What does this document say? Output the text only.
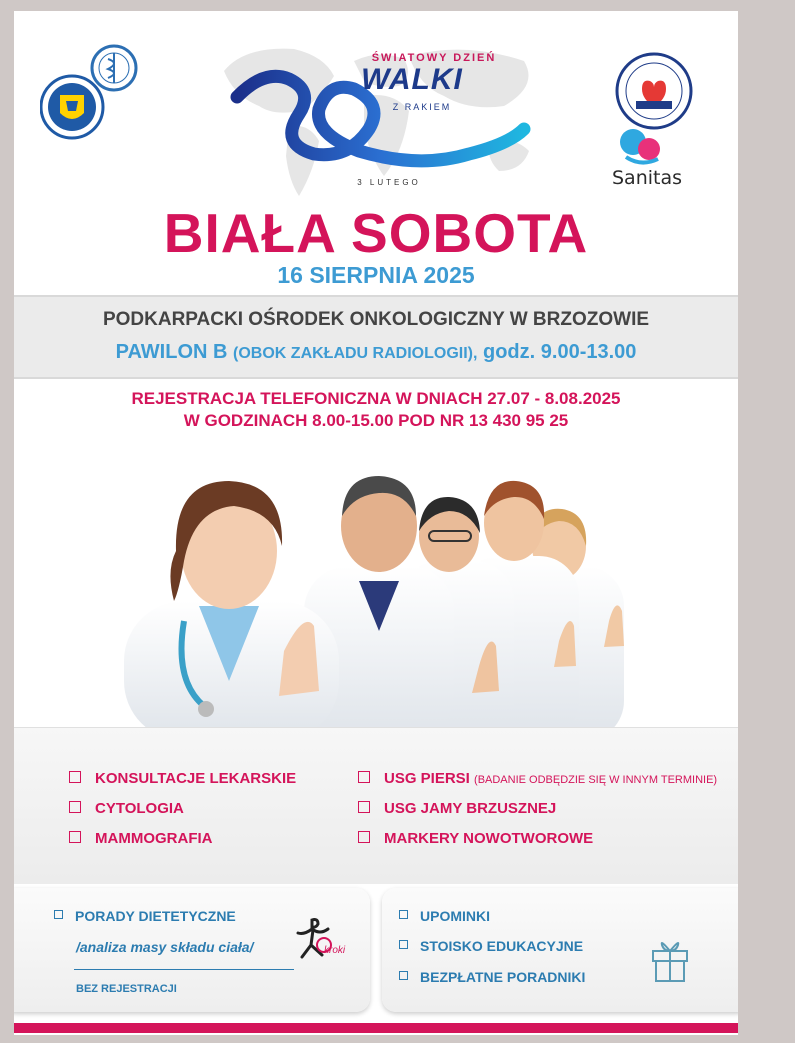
ŚWIATOWY DZIEŃ
WALKI
Z RAKIEM
3 LUTEGO	Sanitas
BIAŁA SOBOTA
16 SIERPNIA 2025
PODKARPACKI OŚRODEK ONKOLOGICZNY W BRZOZOWIE
PAWILON B (OBOK ZAKŁADU RADIOLOGII), godz. 9.00-13.00
REJESTRACJA TELEFONICZNA W DNIACH 27.07 - 8.08.2025
W GODZINACH 8.00-15.00 POD NR 13 430 95 25
KONSULTACJE LEKARSKIE
CYTOLOGIA
MAMMOGRAFIA
USG PIERSI (BADANIE ODBĘDZIE SIĘ W INNYM TERMINIE)
USG JAMY BRZUSZNEJ
MARKERY NOWOTWOROWE
PORADY DIETETYCZNE
/analiza masy składu ciała/
BEZ REJESTRACJI
kroki
UPOMINKI
STOISKO EDUKACYJNE
BEZPŁATNE PORADNIKI
